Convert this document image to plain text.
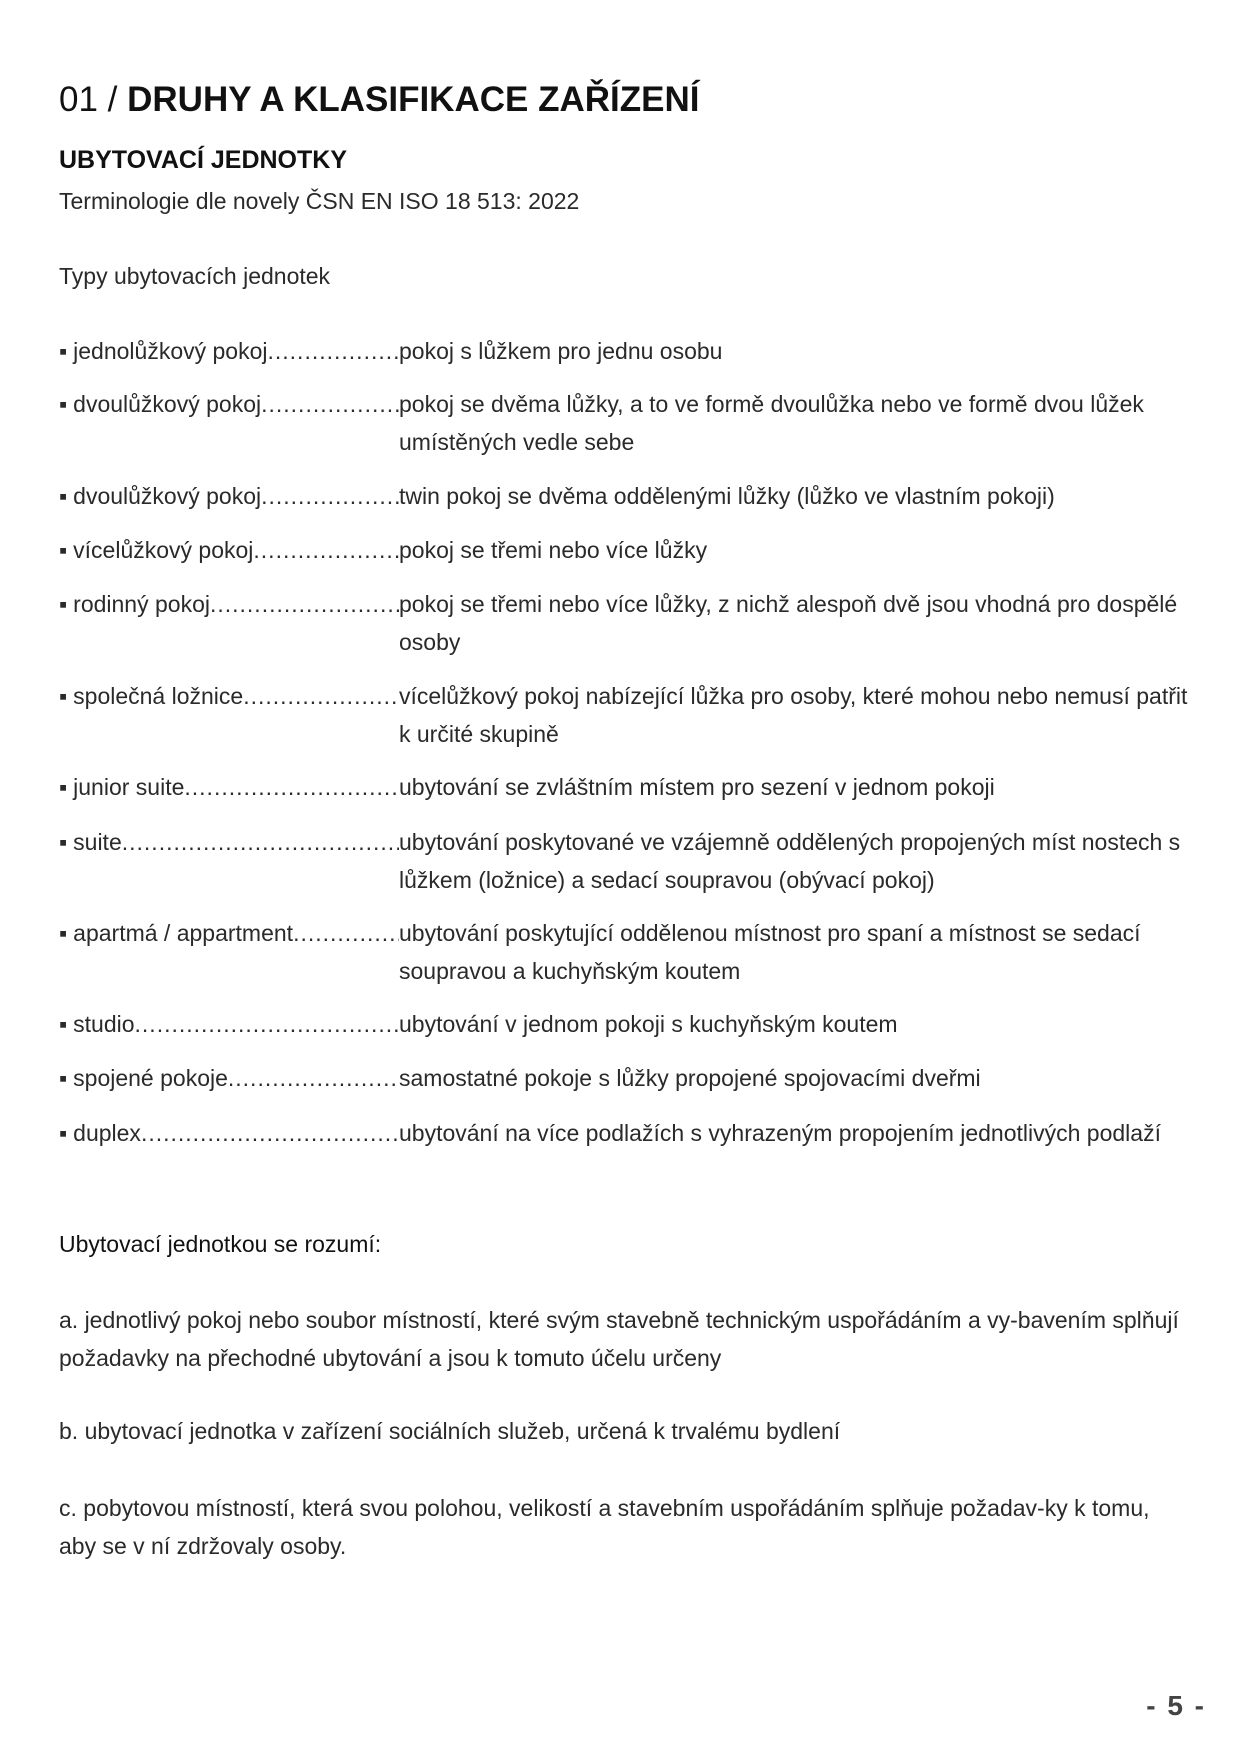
01 / DRUHY A KLASIFIKACE ZAŘÍZENÍ
UBYTOVACÍ JEDNOTKY
Terminologie dle novely ČSN EN ISO 18 513: 2022
Typy ubytovacích jednotek
▪ jednolůžkový pokoj .....	pokoj s lůžkem pro jednu osobu
▪ dvoulůžkový pokoj .....	pokoj se dvěma lůžky, a to ve formě dvoulůžka nebo ve formě dvou lůžek umístěných vedle sebe
▪ dvoulůžkový pokoj .....	twin pokoj se dvěma oddělenými lůžky (lůžko ve vlastním pokoji)
▪ vícelůžkový pokoj .....	pokoj se třemi nebo více lůžky
▪ rodinný pokoj .....	pokoj se třemi nebo více lůžky, z nichž alespoň dvě jsou vhodná pro dospělé osoby
▪ společná ložnice .....	vícelůžkový pokoj nabízející lůžka pro osoby, které mohou nebo nemusí patřit k určité skupině
▪ junior suite .....	ubytování se zvláštním místem pro sezení v jednom pokoji
▪ suite .....	ubytování poskytované ve vzájemně oddělených propojených míst nostech s lůžkem (ložnice) a sedací soupravou (obývací pokoj)
▪ apartmá / appartment .....	ubytování poskytující oddělenou místnost pro spaní a místnost se sedací soupravou a kuchyňským koutem
▪ studio .....	ubytování v jednom pokoji s kuchyňským koutem
▪ spojené pokoje .....	samostatné pokoje s lůžky propojené spojovacími dveřmi
▪ duplex .....	ubytování na více podlažích s vyhrazeným propojením jednotlivých podlaží
Ubytovací jednotkou se rozumí:
a. jednotlivý pokoj nebo soubor místností, které svým stavebně technickým uspořádáním a vy-bavením splňují požadavky na přechodné ubytování a jsou k tomuto účelu určeny
b. ubytovací jednotka v zařízení sociálních služeb, určená k trvalému bydlení
c. pobytovou místností, která svou polohou, velikostí a stavebním uspořádáním splňuje požadav-ky k tomu, aby se v ní zdržovaly osoby.
- 5 -
